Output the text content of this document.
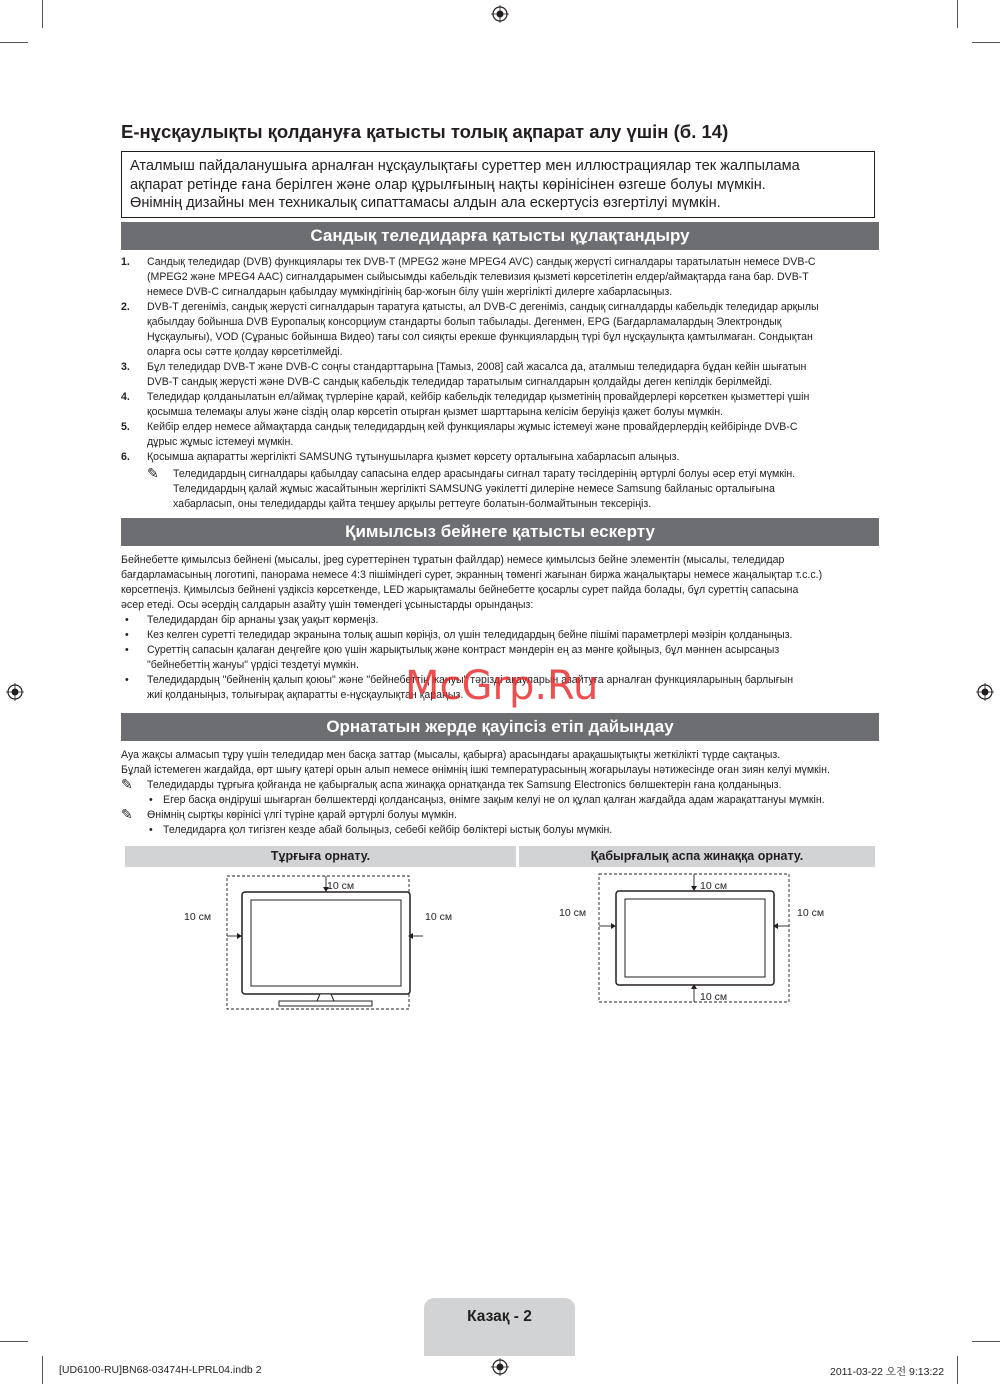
Е-нұсқаулықты қолдануға қатысты толық ақпарат алу үшін (б. 14)
Аталмыш пайдаланушыға арналған нұсқаулықтағы суреттер мен иллюстрациялар тек жалпылама
ақпарат ретінде ғана берілген және олар құрылғының нақты көрінісінен өзгеше болуы мүмкін.
Өнімнің дизайны мен техникалық сипаттамасы алдын ала ескертусіз өзгертілуі мүмкін.
Сандық теледидарға қатысты құлақтандыру
1. Сандық теледидар (DVB) функциялары тек DVB-T (MPEG2 және MPEG4 AVC) сандық жерүсті сигналдары таратылатын немесе DVB-C
(MPEG2 және MPEG4 AAC) сигналдарымен сыйысымды кабельдік телевизия қызметі көрсетілетін елдер/аймақтарда ғана бар. DVB-T
немесе DVB-C сигналдарын қабылдау мүмкіндігінің бар-жоғын білу үшін жергілікті дилерге хабарласыңыз.
2. DVB-T дегеніміз, сандық жерүсті сигналдарын таратуға қатысты, ал DVB-C дегеніміз, сандық сигналдарды кабельдік теледидар арқылы
қабылдау бойынша DVB Еуропалық консорциум стандарты болып табылады. Дегенмен, EPG (Бағдарламалардың Электрондық
Нұсқаулығы), VOD (Сұраныс бойынша Видео) тағы сол сияқты ерекше функциялардың түрі бұл нұсқаулықта қамтылмаған. Сондықтан
оларға осы сәтте қолдау көрсетілмейді.
3. Бұл теледидар DVB-T және DVB-C соңғы стандарттарына [Тамыз, 2008] сай жасалса да, аталмыш теледидарға бұдан кейін шығатын
DVB-T сандық жерүсті және DVB-C сандық кабельдік теледидар таратылым сигналдарын қолдайды деген кепілдік берілмейді.
4. Теледидар қолданылатын ел/аймақ түрлеріне қарай, кейбір кабельдік теледидар қызметінің провайдерлері көрсеткен қызметтері үшін
қосымша телемақы алуы және сіздің олар көрсетіп отырған қызмет шарттарына келісім беруіңіз қажет болуы мүмкін.
5. Кейбір елдер немесе аймақтарда сандық теледидардың кей функциялары жұмыс істемеуі және провайдерлердің кейбірінде DVB-C
дұрыс жұмыс істемеуі мүмкін.
6. Қосымша ақпаратты жергілікті SAMSUNG тұтынушыларға қызмет көрсету орталығына хабарласып алыңыз.
✎ Теледидардың сигналдары қабылдау сапасына елдер арасындағы сигнал тарату тәсілдерінің әртүрлі болуы әсер етуі мүмкін.
Теледидардың қалай жұмыс жасайтынын жергілікті SAMSUNG уәкілетті дилеріне немесе Samsung байланыс орталығына
хабарласып, оны теледидарды қайта теңшеу арқылы реттеуге болатын-болмайтынын тексеріңіз.
Қимылсыз бейнеге қатысты ескерту
Бейнебетте қимылсыз бейнені (мысалы, jpeg суреттерінен тұратын файлдар) немесе қимылсыз бейне элементін (мысалы, теледидар
бағдарламасының логотипі, панорама немесе 4:3 пішіміндегі сурет, экранның төменгі жағынан биржа жаңалықтары немесе жаңалықтар т.с.с.)
көрсетпеңіз. Қимылсыз бейнені үздіксіз көрсеткенде, LED жарықтамалы бейнебетте қосарлы сурет пайда болады, бұл суреттің сапасына
әсер етеді. Осы әсердің салдарын азайту үшін төмендегі ұсыныстарды орындаңыз:
• Теледидардан бір арнаны ұзақ уақыт көрмеңіз.
• Кез келген суретті теледидар экранына толық ашып көріңіз, ол үшін теледидардың бейне пішімі параметрлері мәзірін қолданыңыз.
• Суреттің сапасын қалаған деңгейге қою үшін жарықтылық және контраст мәндерін ең аз мәнге қойыңыз, бұл мәннен асырсаңыз
"бейнебеттің жануы" үрдісі тездетуі мүмкін.
• Теледидардың "бейненің қалып қоюы" және "бейнебеттің жануы" тәрізді ақауларын азайтуға арналған функцияларының барлығын
жиі қолданыңыз, толығырақ ақпаратты е-нұсқаулықтан қараңыз.
Орнататын жерде қауіпсіз етіп дайындау
Ауа жақсы алмасып тұру үшін теледидар мен басқа заттар (мысалы, қабырға) арасындағы арақашықтықты жеткілікті түрде сақтаңыз.
Бұлай істемеген жағдайда, өрт шығу қатері орын алып немесе өнімнің ішкі температурасының жоғарылауы нәтижесінде оған зиян келуі мүмкін.
✎ Теледидарды тұрғыға қойғанда не қабырғалық аспа жинаққа орнатқанда тек Samsung Electronics бөлшектерін ғана қолданыңыз.
• Егер басқа өндіруші шығарған бөлшектерді қолдансаңыз, өнімге зақым келуі не ол құлап қалған жағдайда адам жарақаттануы мүмкін.
✎ Өнімнің сыртқы көрінісі үлгі түріне қарай әртүрлі болуы мүмкін.
• Теледидарға қол тигізген кезде абай болыңыз, себебі кейбір бөліктері ыстық болуы мүмкін.
Тұрғыға орнату.	Қабырғалық аспа жинаққа орнату.
10 см
10 см	10 см
10 см
10 см
10 см	10 см
McGrp.Ru
Казақ - 2
[UD6100-RU]BN68-03474H-LPRL04.indb 2	2011-03-22 오전 9:13:22
